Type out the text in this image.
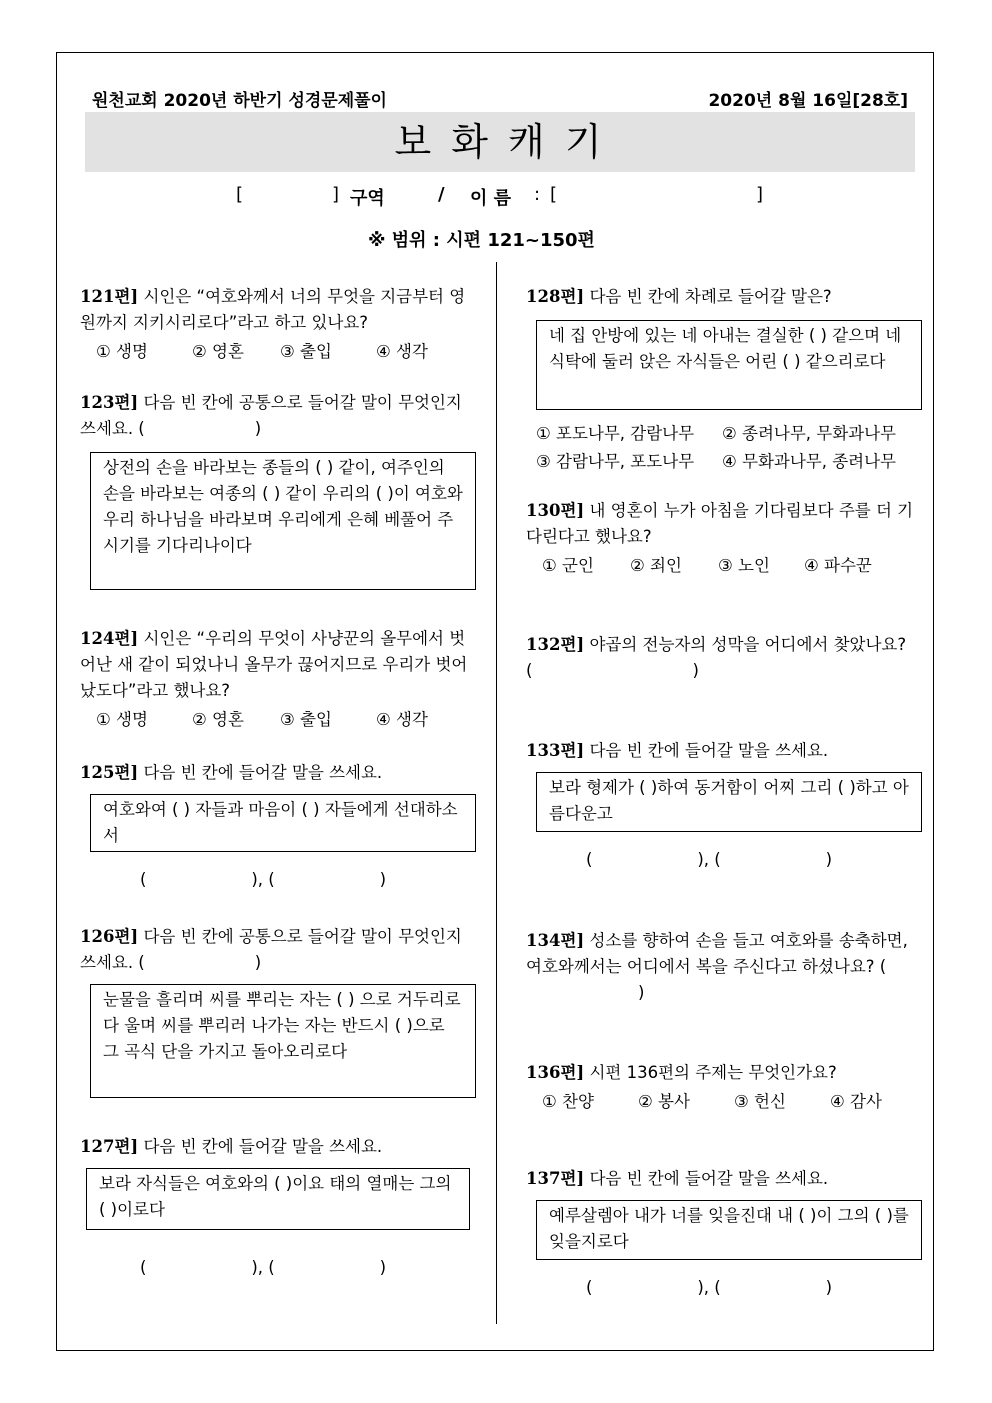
원천교회 2020년 하반기 성경문제풀이	2020년 8월 16일[28호]
보 화 캐 기
[	] 구역	/ 이 름 : [	]
※ 범위 : 시편 121~150편
121편] 시인은 “여호와께서 너의 무엇을 지금부터 영원까지 지키시리로다”라고 하고 있나요?
① 생명	② 영혼 ③ 출입	④ 생각
123편] 다음 빈 칸에 공통으로 들어갈 말이 무엇인지 쓰세요. (	)
상전의 손을 바라보는 종들의 ( ) 같이, 여주인의 손을 바라보는 여종의 ( ) 같이 우리의 ( )이 여호와 우리 하나님을 바라보며 우리에게 은혜 베풀어 주시기를 기다리나이다
124편] 시인은 “우리의 무엇이 사냥꾼의 올무에서 벗어난 새 같이 되었나니 올무가 끊어지므로 우리가 벗어났도다”라고 했나요?
① 생명	② 영혼 ③ 출입	④ 생각
125편] 다음 빈 칸에 들어갈 말을 쓰세요.
여호와여 ( ) 자들과 마음이 ( ) 자들에게 선대하소서
(                    ), (                    )
126편] 다음 빈 칸에 공통으로 들어갈 말이 무엇인지 쓰세요. (	)
눈물을 흘리며 씨를 뿌리는 자는 ( ) 으로 거두리로다 울며 씨를 뿌리러 나가는 자는 반드시 ( )으로 그 곡식 단을 가지고 돌아오리로다
127편] 다음 빈 칸에 들어갈 말을 쓰세요.
보라 자식들은 여호와의 ( )이요 태의 열매는 그의 ( )이로다
(                    ), (                    )
128편] 다음 빈 칸에 차례로 들어갈 말은?
네 집 안방에 있는 네 아내는 결실한 ( ) 같으며 네 식탁에 둘러 앉은 자식들은 어린 ( ) 같으리로다
① 포도나무, 감람나무 ② 종려나무, 무화과나무
③ 감람나무, 포도나무 ④ 무화과나무, 종려나무
130편] 내 영혼이 누가 아침을 기다림보다 주를 더 기다린다고 했나요?
① 군인 ② 죄인 ③ 노인 ④ 파수꾼
132편] 야곱의 전능자의 성막을 어디에서 찾았나요? (	)
133편] 다음 빈 칸에 들어갈 말을 쓰세요.
보라 형제가 ( )하여 동거함이 어찌 그리 ( )하고 아름다운고
(                    ), (                    )
134편] 성소를 향하여 손을 들고 여호와를 송축하면, 여호와께서는 어디에서 복을 주신다고 하셨나요? ()
136편] 시편 136편의 주제는 무엇인가요?
① 찬양	② 봉사	③ 헌신	④ 감사
137편] 다음 빈 칸에 들어갈 말을 쓰세요.
예루살렘아 내가 너를 잊을진대 내 ( )이 그의 ( )를 잊을지로다
(                    ), (                    )
